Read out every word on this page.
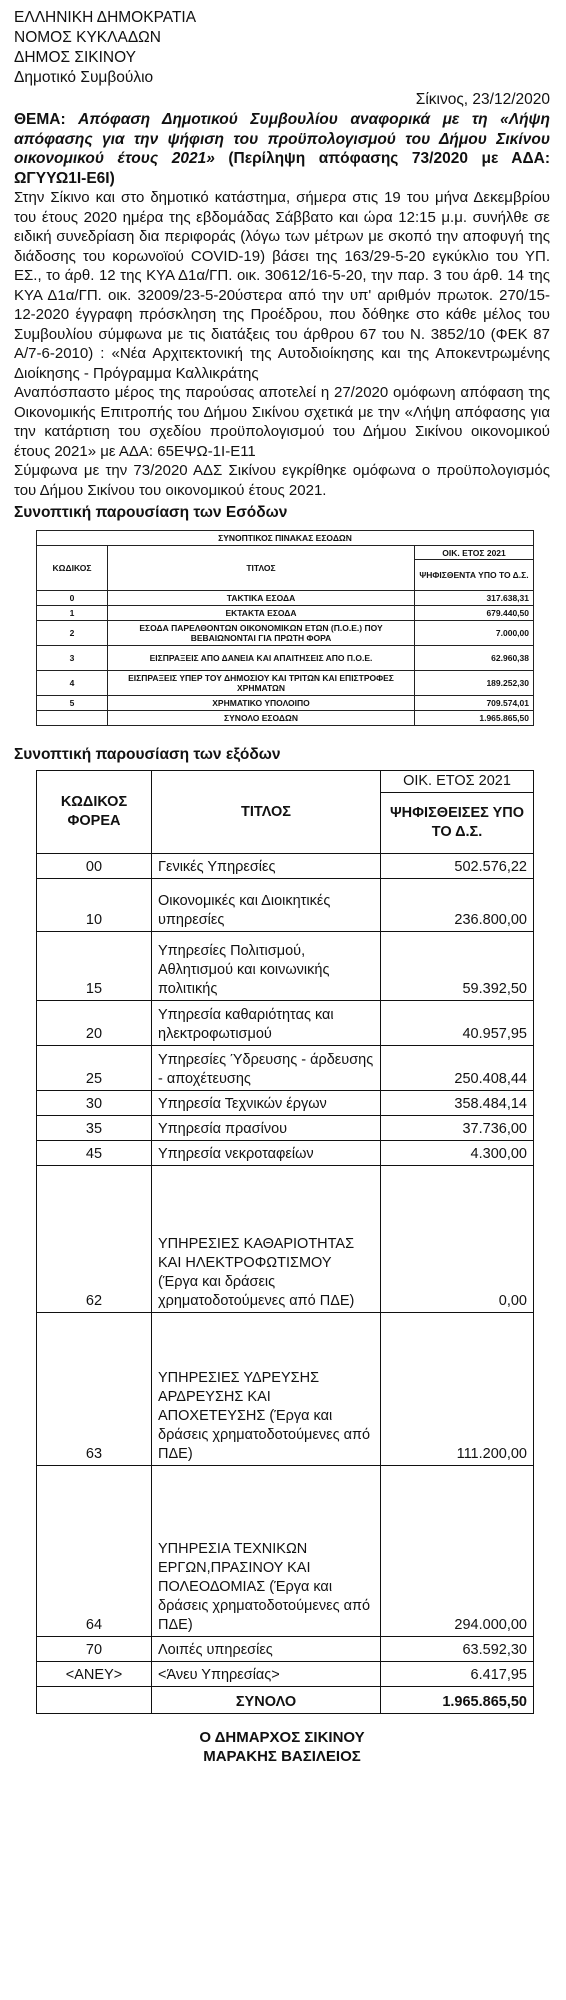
ΕΛΛΗΝΙΚΗ ΔΗΜΟΚΡΑΤΙΑ
ΝΟΜΟΣ ΚΥΚΛΑΔΩΝ
ΔΗΜΟΣ ΣΙΚΙΝΟΥ
Δημοτικό Συμβούλιο
Σίκινος, 23/12/2020
ΘΕΜΑ: Απόφαση Δημοτικού Συμβουλίου αναφορικά με τη «Λήψη απόφασης για την ψήφιση του προϋπολογισμού του Δήμου Σικίνου οικονομικού έτους 2021» (Περίληψη απόφασης 73/2020 με ΑΔΑ: ΩΓΥΥΩ1Ι-Ε6Ι)

Στην Σίκινο και στο δημοτικό κατάστημα, σήμερα στις 19 του μήνα Δεκεμβρίου του έτους 2020 ημέρα της εβδομάδας Σάββατο και ώρα 12:15 μ.μ. συνήλθε σε ειδική συνεδρίαση δια περιφοράς (λόγω των μέτρων με σκοπό την αποφυγή της διάδοσης του κορωνοϊού COVID-19) βάσει της 163/29-5-20 εγκύκλιο του ΥΠ. ΕΣ., το άρθ. 12 της ΚΥΑ Δ1α/ΓΠ. οικ. 30612/16-5-20, την παρ. 3 του άρθ. 14 της ΚΥΑ Δ1α/ΓΠ. οικ. 32009/23-5-20ύστερα από την υπ' αριθμόν πρωτοκ. 270/15-12-2020 έγγραφη πρόσκληση της Προέδρου, που δόθηκε στο κάθε μέλος του Συμβουλίου σύμφωνα με τις διατάξεις του άρθρου 67 του Ν. 3852/10 (ΦΕΚ 87 Α/7-6-2010) : «Νέα Αρχιτεκτονική της Αυτοδιοίκησης και της Αποκεντρωμένης Διοίκησης - Πρόγραμμα Καλλικράτης

Αναπόσπαστο μέρος της παρούσας αποτελεί η 27/2020 ομόφωνη απόφαση της Οικονομικής Επιτροπής του Δήμου Σικίνου σχετικά με την «Λήψη απόφασης για την κατάρτιση του σχεδίου προϋπολογισμού του Δήμου Σικίνου οικονομικού έτους 2021» με ΑΔΑ: 65ΕΨΩ-1Ι-Ε11

Σύμφωνα με την 73/2020 ΑΔΣ Σικίνου εγκρίθηκε ομόφωνα ο προϋπολογισμός του Δήμου Σικίνου του οικονομικού έτους 2021.

Συνοπτική παρουσίαση των Εσόδων
ΣΥΝΟΠΤΙΚΟΣ ΠΙΝΑΚΑΣ ΕΣΟΔΩΝ		
ΚΩΔΙΚΟΣ	ΤΙΤΛΟΣ	ΟΙΚ. ΕΤΟΣ 2021
		ΨΗΦΙΣΘΕΝΤΑ ΥΠΟ ΤΟ Δ.Σ.
0	ΤΑΚΤΙΚΑ ΕΣΟΔΑ	317.638,31
1	ΕΚΤΑΚΤΑ ΕΣΟΔΑ	679.440,50
2	ΕΣΟΔΑ ΠΑΡΕΛΘΟΝΤΩΝ ΟΙΚΟΝΟΜΙΚΩΝ ΕΤΩΝ (Π.Ο.Ε.) ΠΟΥ ΒΕΒΑΙΩΝΟΝΤΑΙ ΓΙΑ ΠΡΩΤΗ ΦΟΡΑ	7.000,00
3	ΕΙΣΠΡΑΞΕΙΣ ΑΠΟ ΔΑΝΕΙΑ ΚΑΙ ΑΠΑΙΤΗΣΕΙΣ ΑΠΟ Π.Ο.Ε.	62.960,38
4	ΕΙΣΠΡΑΞΕΙΣ ΥΠΕΡ ΤΟΥ ΔΗΜΟΣΙΟΥ ΚΑΙ ΤΡΙΤΩΝ ΚΑΙ ΕΠΙΣΤΡΟΦΕΣ ΧΡΗΜΑΤΩΝ	189.252,30
5	ΧΡΗΜΑΤΙΚΟ ΥΠΟΛΟΙΠΟ	709.574,01
	ΣΥΝΟΛΟ ΕΣΟΔΩΝ	1.965.865,50
Συνοπτική παρουσίαση των εξόδων
ΚΩΔΙΚΟΣ ΦΟΡΕΑ	ΤΙΤΛΟΣ	ΟΙΚ. ΕΤΟΣ 2021
		ΨΗΦΙΣΘΕΙΣΕΣ ΥΠΟ ΤΟ Δ.Σ.
00	Γενικές Υπηρεσίες	502.576,22
10	Οικονομικές και Διοικητικές υπηρεσίες	236.800,00
15	Υπηρεσίες Πολιτισμού, Αθλητισμού και κοινωνικής πολιτικής	59.392,50
20	Υπηρεσία καθαριότητας και ηλεκτροφωτισμού	40.957,95
25	Υπηρεσίες Ύδρευσης - άρδευσης - αποχέτευσης	250.408,44
30	Υπηρεσία Τεχνικών έργων	358.484,14
35	Υπηρεσία πρασίνου	37.736,00
45	Υπηρεσία νεκροταφείων	4.300,00
62	ΥΠΗΡΕΣΙΕΣ ΚΑΘΑΡΙΟΤΗΤΑΣ ΚΑΙ ΗΛΕΚΤΡΟΦΩΤΙΣΜΟΥ (Έργα και δράσεις χρηματοδοτούμενες από ΠΔΕ)	0,00
63	ΥΠΗΡΕΣΙΕΣ ΥΔΡΕΥΣΗΣ ΑΡΔΡΕΥΣΗΣ ΚΑΙ ΑΠΟΧΕΤΕΥΣΗΣ (Έργα και δράσεις χρηματοδοτούμενες από ΠΔΕ)	111.200,00
64	ΥΠΗΡΕΣΙΑ ΤΕΧΝΙΚΩΝ ΕΡΓΩΝ,ΠΡΑΣΙΝΟΥ ΚΑΙ ΠΟΛΕΟΔΟΜΙΑΣ (Έργα και δράσεις χρηματοδοτούμενες από ΠΔΕ)	294.000,00
70	Λοιπές υπηρεσίες	63.592,30
<ΑΝΕΥ>	<Άνευ Υπηρεσίας>	6.417,95
	ΣΥΝΟΛΟ	1.965.865,50
Ο ΔΗΜΑΡΧΟΣ ΣΙΚΙΝΟΥ
ΜΑΡΑΚΗΣ ΒΑΣΙΛΕΙΟΣ
